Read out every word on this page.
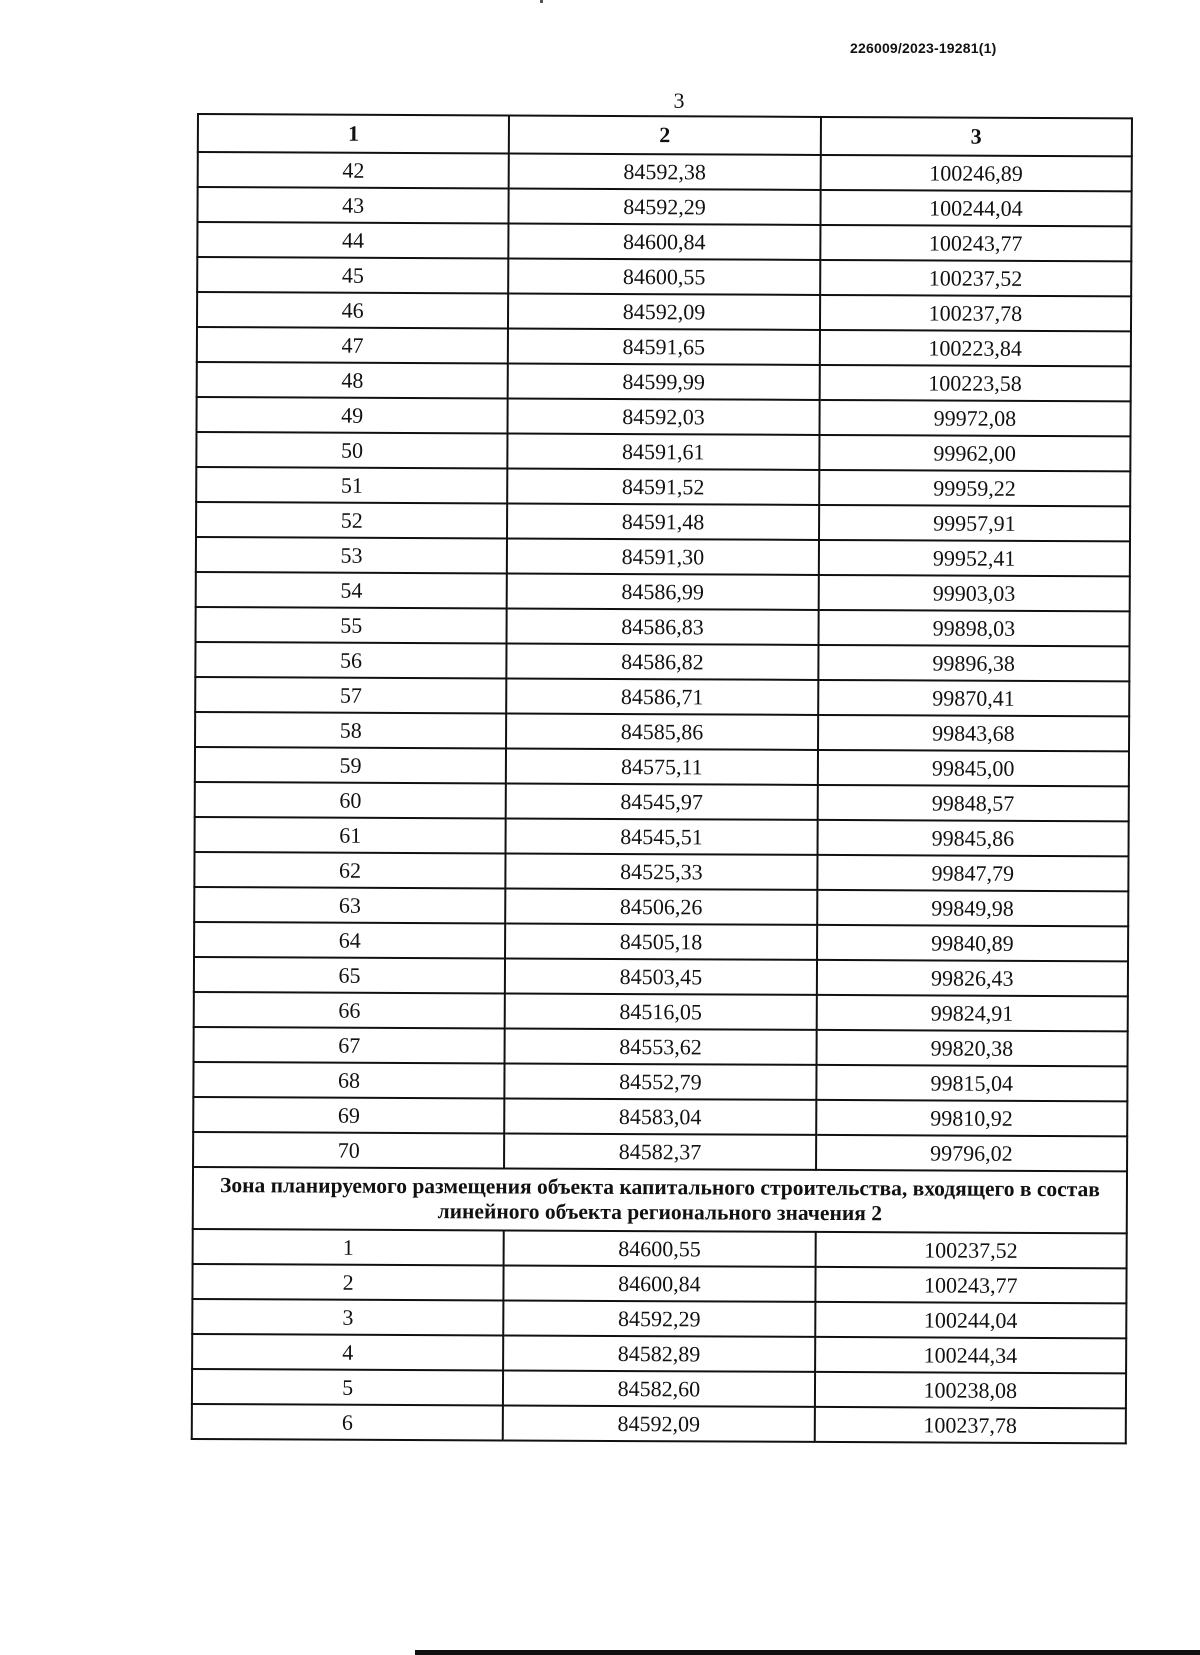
226009/2023-19281(1)
3
1	2	3
42	84592,38	100246,89
43	84592,29	100244,04
44	84600,84	100243,77
45	84600,55	100237,52
46	84592,09	100237,78
47	84591,65	100223,84
48	84599,99	100223,58
49	84592,03	99972,08
50	84591,61	99962,00
51	84591,52	99959,22
52	84591,48	99957,91
53	84591,30	99952,41
54	84586,99	99903,03
55	84586,83	99898,03
56	84586,82	99896,38
57	84586,71	99870,41
58	84585,86	99843,68
59	84575,11	99845,00
60	84545,97	99848,57
61	84545,51	99845,86
62	84525,33	99847,79
63	84506,26	99849,98
64	84505,18	99840,89
65	84503,45	99826,43
66	84516,05	99824,91
67	84553,62	99820,38
68	84552,79	99815,04
69	84583,04	99810,92
70	84582,37	99796,02
Зона планируемого размещения объекта капитального строительства, входящего в состав линейного объекта регионального значения 2		
1	84600,55	100237,52
2	84600,84	100243,77
3	84592,29	100244,04
4	84582,89	100244,34
5	84582,60	100238,08
6	84592,09	100237,78
